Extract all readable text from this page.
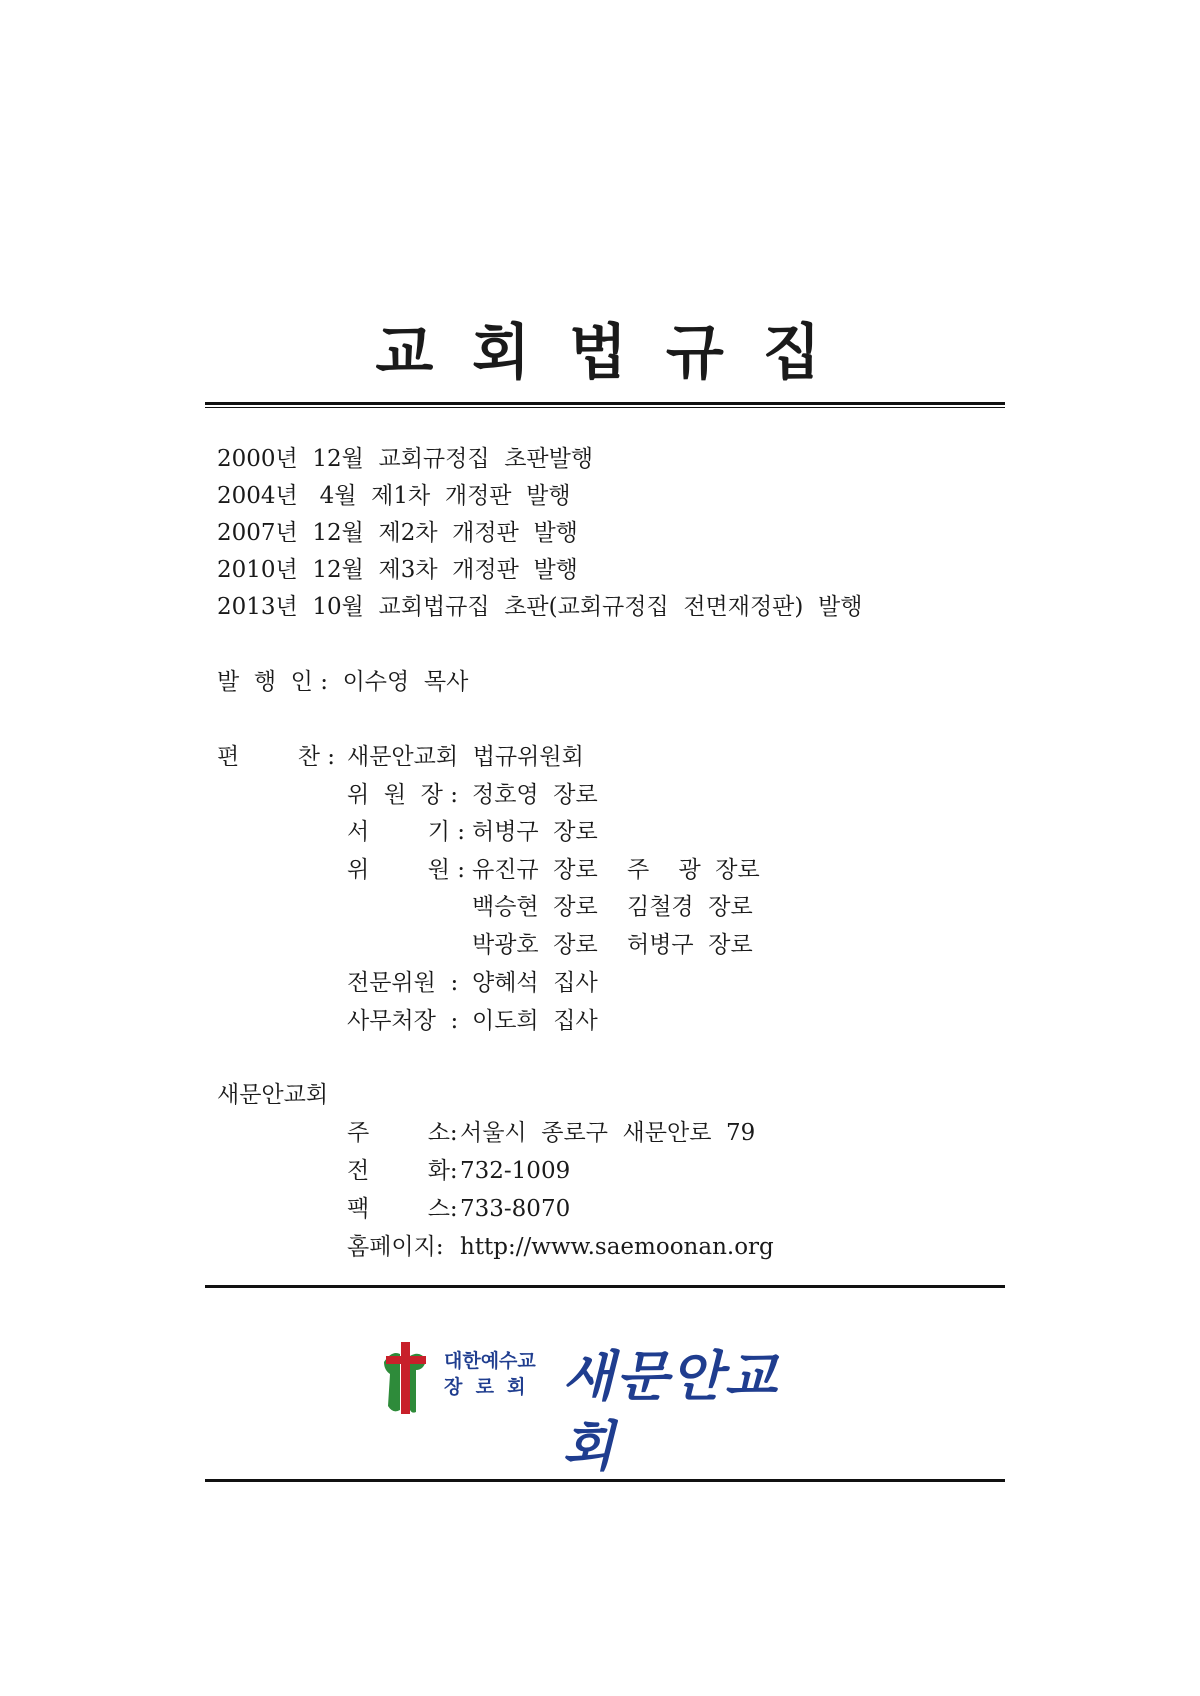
교 회 법 규 집
2000년  12월  교회규정집  초판발행
2004년   4월  제1차  개정판  발행
2007년  12월  제2차  개정판  발행
2010년  12월  제3차  개정판  발행
2013년  10월  교회법규집  초판(교회규정집  전면재정판)  발행
발  행  인 :  이수영  목사
편        찬 : 새문안교회  법규위원회
위  원  장 : 정호영  장로
서        기 : 허병구  장로
위        원 : 유진규  장로 주    광  장로
백승현  장로 김철경  장로
박광호  장로 허병구  장로
전문위원  : 양혜석  집사
사무처장  : 이도희  집사
새문안교회
주        소: 서울시  종로구  새문안로  79
전        화: 732-1009
팩        스: 733-8070
홈페이지: http://www.saemoonan.org
대한예수교
장  로  회 새문안교회
